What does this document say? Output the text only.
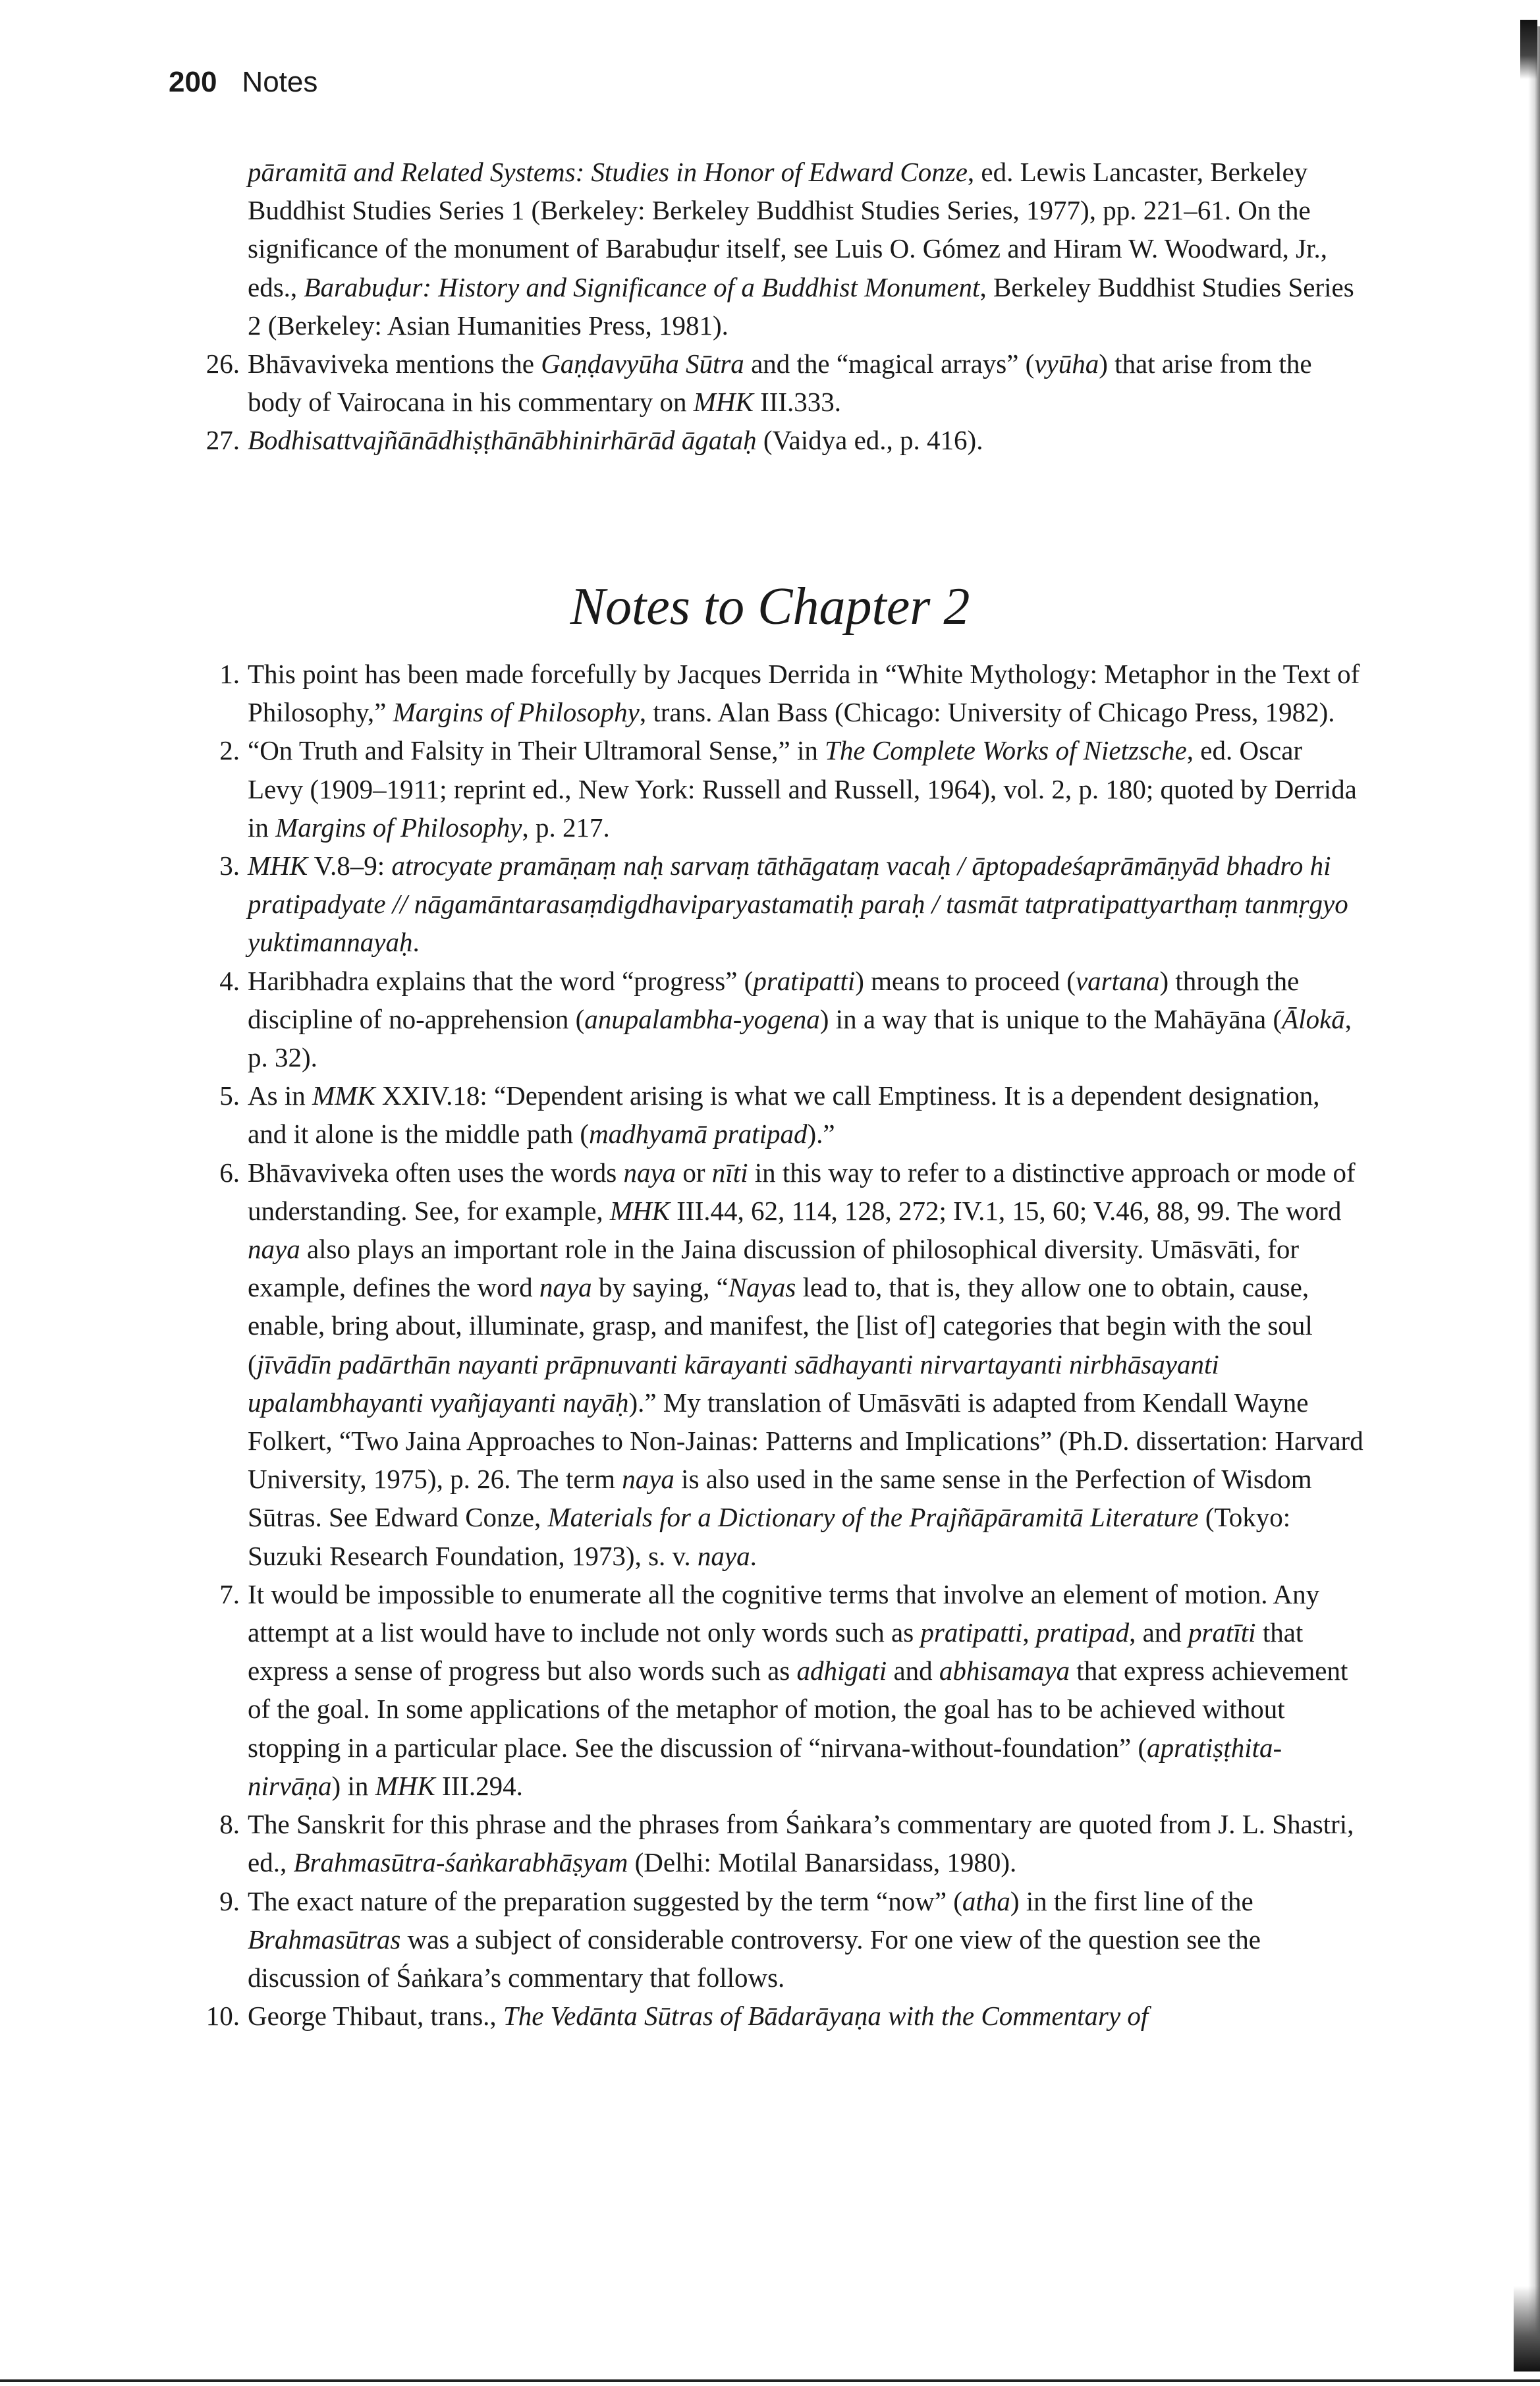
200 Notes

pāramitā and Related Systems: Studies in Honor of Edward Conze, ed. Lewis Lancaster, Berkeley Buddhist Studies Series 1 (Berkeley: Berkeley Buddhist Studies Series, 1977), pp. 221–61. On the significance of the monument of Barabuḍur itself, see Luis O. Gómez and Hiram W. Woodward, Jr., eds., Barabuḍur: History and Significance of a Buddhist Monument, Berkeley Buddhist Studies Series 2 (Berkeley: Asian Humanities Press, 1981).

26. Bhāvaviveka mentions the Gaṇḍavyūha Sūtra and the “magical arrays” (vyūha) that arise from the body of Vairocana in his commentary on MHK III.333.

27. Bodhisattvajñānādhiṣṭhānābhinirhārād āgataḥ (Vaidya ed., p. 416).

Notes to Chapter 2

1. This point has been made forcefully by Jacques Derrida in “White Mythology: Metaphor in the Text of Philosophy,” Margins of Philosophy, trans. Alan Bass (Chicago: University of Chicago Press, 1982).

2. “On Truth and Falsity in Their Ultramoral Sense,” in The Complete Works of Nietzsche, ed. Oscar Levy (1909–1911; reprint ed., New York: Russell and Russell, 1964), vol. 2, p. 180; quoted by Derrida in Margins of Philosophy, p. 217.

3. MHK V.8–9: atrocyate pramāṇaṃ naḥ sarvaṃ tāthāgataṃ vacaḥ / āptopadeśaprāmāṇyād bhadro hi pratipadyate // nāgamāntarasaṃdigdhaviparyastamatiḥ paraḥ / tasmāt tatpratipattyarthaṃ tanmṛgyo yuktimannayaḥ.

4. Haribhadra explains that the word “progress” (pratipatti) means to proceed (vartana) through the discipline of no-apprehension (anupalambha-yogena) in a way that is unique to the Mahāyāna (Ālokā, p. 32).

5. As in MMK XXIV.18: “Dependent arising is what we call Emptiness. It is a dependent designation, and it alone is the middle path (madhyamā pratipad).”

6. Bhāvaviveka often uses the words naya or nīti in this way to refer to a distinctive approach or mode of understanding. See, for example, MHK III.44, 62, 114, 128, 272; IV.1, 15, 60; V.46, 88, 99. The word naya also plays an important role in the Jaina discussion of philosophical diversity. Umāsvāti, for example, defines the word naya by saying, “Nayas lead to, that is, they allow one to obtain, cause, enable, bring about, illuminate, grasp, and manifest, the [list of] categories that begin with the soul (jīvādīn padārthān nayanti prāpnuvanti kārayanti sādhayanti nirvartayanti nirbhāsayanti upalambhayanti vyañjayanti nayāḥ).” My translation of Umāsvāti is adapted from Kendall Wayne Folkert, “Two Jaina Approaches to Non-Jainas: Patterns and Implications” (Ph.D. dissertation: Harvard University, 1975), p. 26. The term naya is also used in the same sense in the Perfection of Wisdom Sūtras. See Edward Conze, Materials for a Dictionary of the Prajñāpāramitā Literature (Tokyo: Suzuki Research Foundation, 1973), s. v. naya.

7. It would be impossible to enumerate all the cognitive terms that involve an element of motion. Any attempt at a list would have to include not only words such as pratipatti, pratipad, and pratīti that express a sense of progress but also words such as adhigati and abhisamaya that express achievement of the goal. In some applications of the metaphor of motion, the goal has to be achieved without stopping in a particular place. See the discussion of “nirvana-without-foundation” (apratiṣṭhita-nirvāṇa) in MHK III.294.

8. The Sanskrit for this phrase and the phrases from Śaṅkara’s commentary are quoted from J. L. Shastri, ed., Brahmasūtra-śaṅkarabhāṣyam (Delhi: Motilal Banarsidass, 1980).

9. The exact nature of the preparation suggested by the term “now” (atha) in the first line of the Brahmasūtras was a subject of considerable controversy. For one view of the question see the discussion of Śaṅkara’s commentary that follows.

10. George Thibaut, trans., The Vedānta Sūtras of Bādarāyaṇa with the Commentary of
